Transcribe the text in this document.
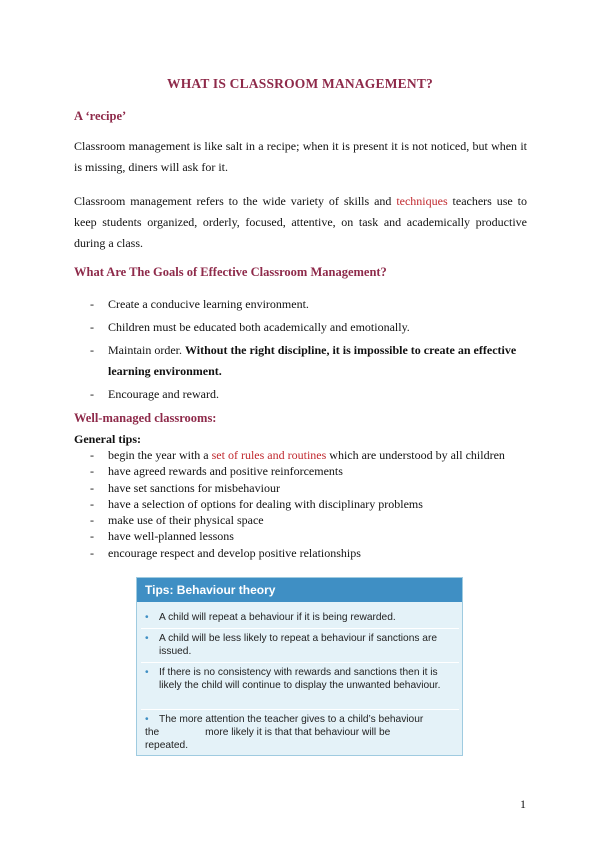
WHAT IS CLASSROOM MANAGEMENT?
A ‘recipe’
Classroom management is like salt in a recipe; when it is present it is not noticed, but when it is missing, diners will ask for it.
Classroom management refers to the wide variety of skills and techniques teachers use to keep students organized, orderly, focused, attentive, on task and academically productive during a class.
What Are The Goals of Effective Classroom Management?
- Create a conducive learning environment.
- Children must be educated both academically and emotionally.
- Maintain order. Without the right discipline, it is impossible to create an effective
learning environment.
- Encourage and reward.
Well-managed classrooms:
General tips:
- begin the year with a set of rules and routines which are understood by all children
- have agreed rewards and positive reinforcements
- have set sanctions for misbehaviour
- have a selection of options for dealing with disciplinary problems
- make use of their physical space
- have well-planned lessons
- encourage respect and develop positive relationships
Tips: Behaviour theory
• A child will repeat a behaviour if it is being rewarded.
• A child will be less likely to repeat a behaviour if sanctions are issued.
• If there is no consistency with rewards and sanctions then it is likely the child will continue to display the unwanted behaviour.
• The more attention the teacher gives to a child’s behaviour
the	more likely it is that that behaviour will be
repeated.
1
